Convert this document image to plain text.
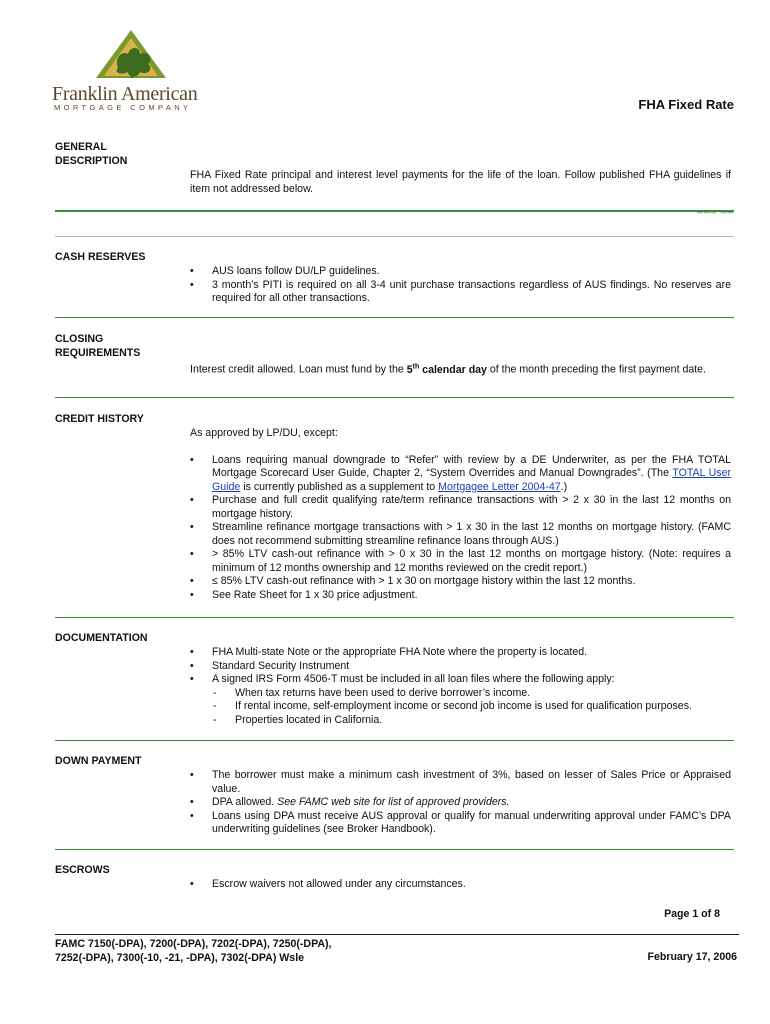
Franklin American
MORTGAGE COMPANY	FHA Fixed Rate
GENERAL DESCRIPTION

FHA Fixed Rate principal and interest level payments for the life of the loan. Follow published FHA guidelines if item not addressed below.

___ __
CASH RESERVES
• AUS loans follow DU/LP guidelines.
• 3 month’s PITI is required on all 3-4 unit purchase transactions regardless of AUS findings. No reserves are required for all other transactions.
CLOSING REQUIREMENTS

Interest credit allowed. Loan must fund by the 5th calendar day of the month preceding the first payment date.

CREDIT HISTORY

As approved by LP/DU, except:

• Loans requiring manual downgrade to “Refer” with review by a DE Underwriter, as per the FHA TOTAL Mortgage Scorecard User Guide, Chapter 2, “System Overrides and Manual Downgrades”. (The TOTAL User Guide is currently published as a supplement to Mortgagee Letter 2004-47.)
• Purchase and full credit qualifying rate/term refinance transactions with > 2 x 30 in the last 12 months on mortgage history.
• Streamline refinance mortgage transactions with > 1 x 30 in the last 12 months on mortgage history. (FAMC does not recommend submitting streamline refinance loans through AUS.)
• > 85% LTV cash-out refinance with > 0 x 30 in the last 12 months on mortgage history. (Note: requires a minimum of 12 months ownership and 12 months reviewed on the credit report.)
• ≤ 85% LTV cash-out refinance with > 1 x 30 on mortgage history within the last 12 months.
• See Rate Sheet for 1 x 30 price adjustment.
DOCUMENTATION
• FHA Multi-state Note or the appropriate FHA Note where the property is located.
• Standard Security Instrument
• A signed IRS Form 4506-T must be included in all loan files where the following apply:
- When tax returns have been used to derive borrower’s income.
- If rental income, self-employment income or second job income is used for qualification purposes.
- Properties located in California.
DOWN PAYMENT
• The borrower must make a minimum cash investment of 3%, based on lesser of Sales Price or Appraised value.
• DPA allowed. See FAMC web site for list of approved providers.
• Loans using DPA must receive AUS approval or qualify for manual underwriting approval under FAMC’s DPA underwriting guidelines (see Broker Handbook).
ESCROWS
• Escrow waivers not allowed under any circumstances.
Page 1 of 8
FAMC 7150(-DPA), 7200(-DPA), 7202(-DPA), 7250(-DPA),
7252(-DPA), 7300(-10, -21, -DPA), 7302(-DPA) Wsle	February 17, 2006
